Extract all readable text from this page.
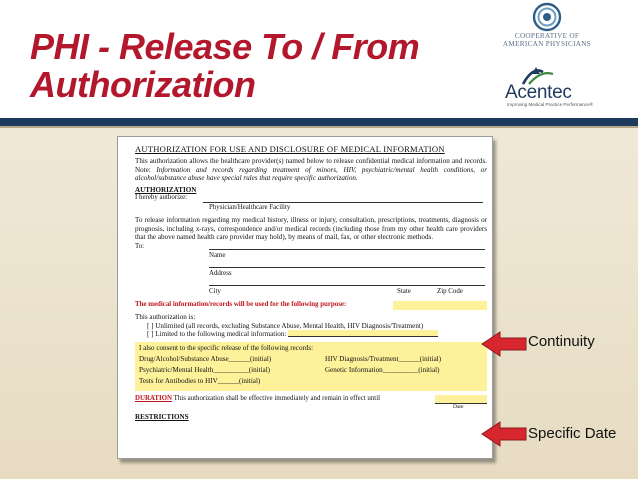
PHI - Release To / From
Authorization
COOPERATIVE OF
AMERICAN PHYSICIANS
Acentec
Improving Medical Practice Performance®
AUTHORIZATION FOR USE AND DISCLOSURE OF MEDICAL INFORMATION
This authorization allows the healthcare provider(s) named below to release confidential medical information and records. Note: Information and records regarding treatment of minors, HIV, psychiatric/mental health conditions, or alcohol/substance abuse have special rules that require specific authorization.
AUTHORIZATION
I hereby authorize:
Physician/Healthcare Facility
To release information regarding my medical history, illness or injury, consultation, prescriptions, treatments, diagnosis or prognosis, including x-rays, correspondence and/or medical records (including those from my other health care providers that the above named health care provider may hold), by means of mail, fax, or other electronic methods.
To:
Name
Address
City	State	Zip Code
The medical information/records will be used for the following purpose:
This authorization is:
[ ] Unlimited (all records, excluding Substance Abuse, Mental Health, HIV Diagnosis/Treatment)
[ ] Limited to the following medical information:
I also consent to the specific release of the following records:
Drug/Alcohol/Substance Abuse______(initial)	HIV Diagnosis/Treatment______(initial)
Psychiatric/Mental Health__________(initial)	Genetic Information__________(initial)
Tests for Antibodies to HIV______(initial)
DURATION This authorization shall be effective immediately and remain in effect until
Date
RESTRICTIONS
Continuity
Specific Date
